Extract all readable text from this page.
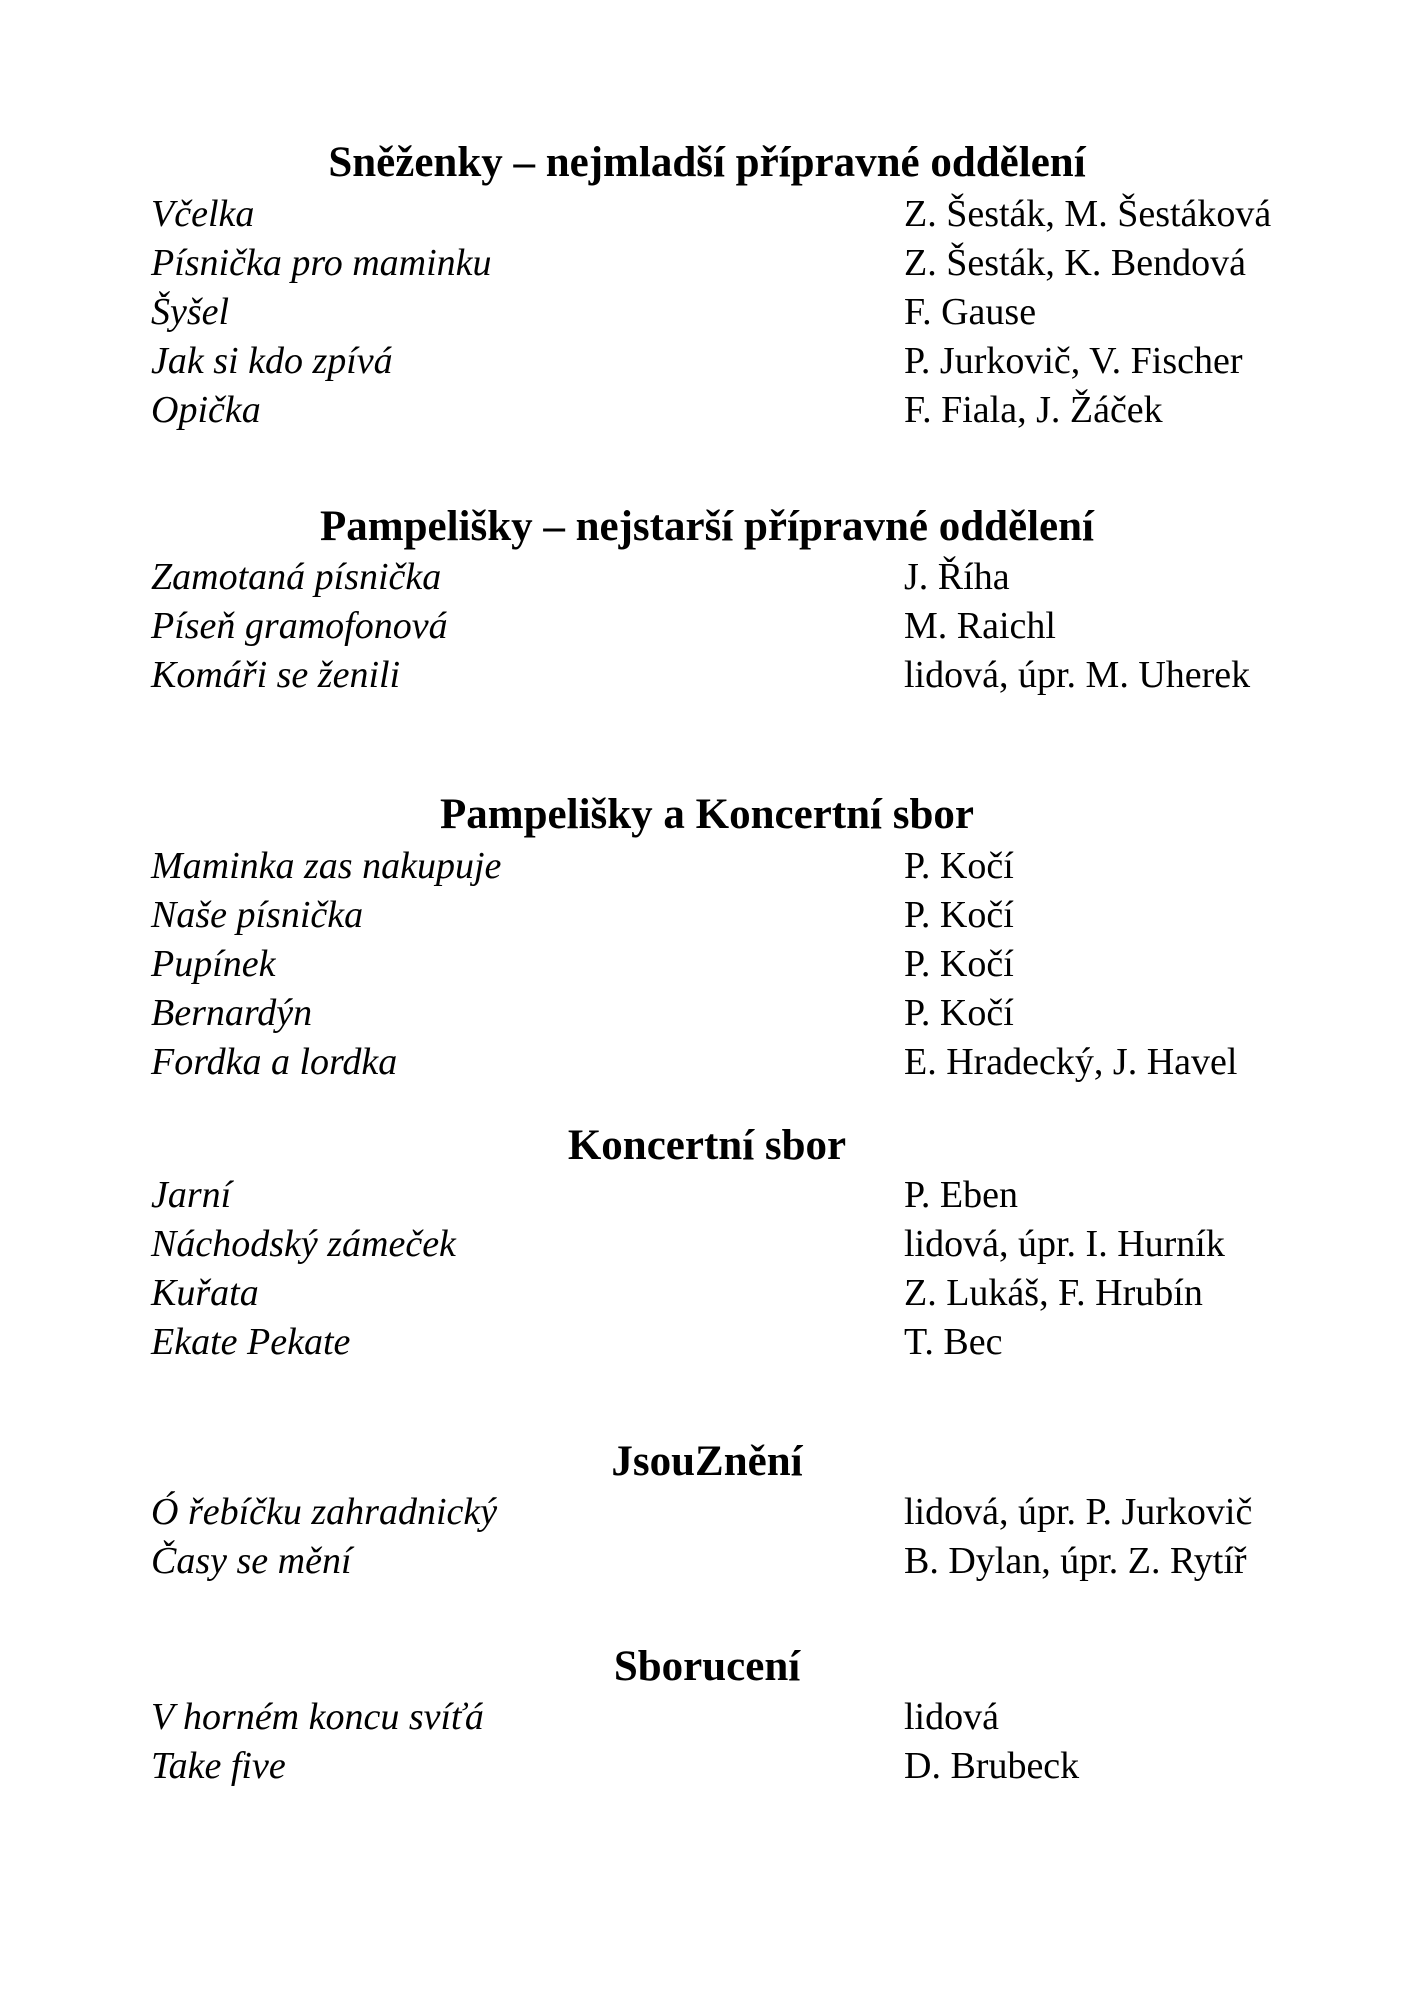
Sněženky – nejmladší přípravné oddělení
Včelka	Z. Šesták, M. Šestáková
Písnička pro maminku	Z. Šesták, K. Bendová
Šyšel	F. Gause
Jak si kdo zpívá	P. Jurkovič, V. Fischer
Opička	F. Fiala, J. Žáček
Pampelišky – nejstarší přípravné oddělení
Zamotaná písnička	J. Říha
Píseň gramofonová	M. Raichl
Komáři se ženili	lidová, úpr. M. Uherek
Pampelišky a Koncertní sbor
Maminka zas nakupuje	P. Kočí
Naše písnička	P. Kočí
Pupínek	P. Kočí
Bernardýn	P. Kočí
Fordka a lordka	E. Hradecký, J. Havel
Koncertní sbor
Jarní	P. Eben
Náchodský zámeček	lidová, úpr. I. Hurník
Kuřata	Z. Lukáš, F. Hrubín
Ekate Pekate	T. Bec
JsouZnění
Ó řebíčku zahradnický	lidová, úpr. P. Jurkovič
Časy se mění	B. Dylan, úpr. Z. Rytíř
Sborucení
V horném koncu svíťá	lidová
Take five	D. Brubeck
